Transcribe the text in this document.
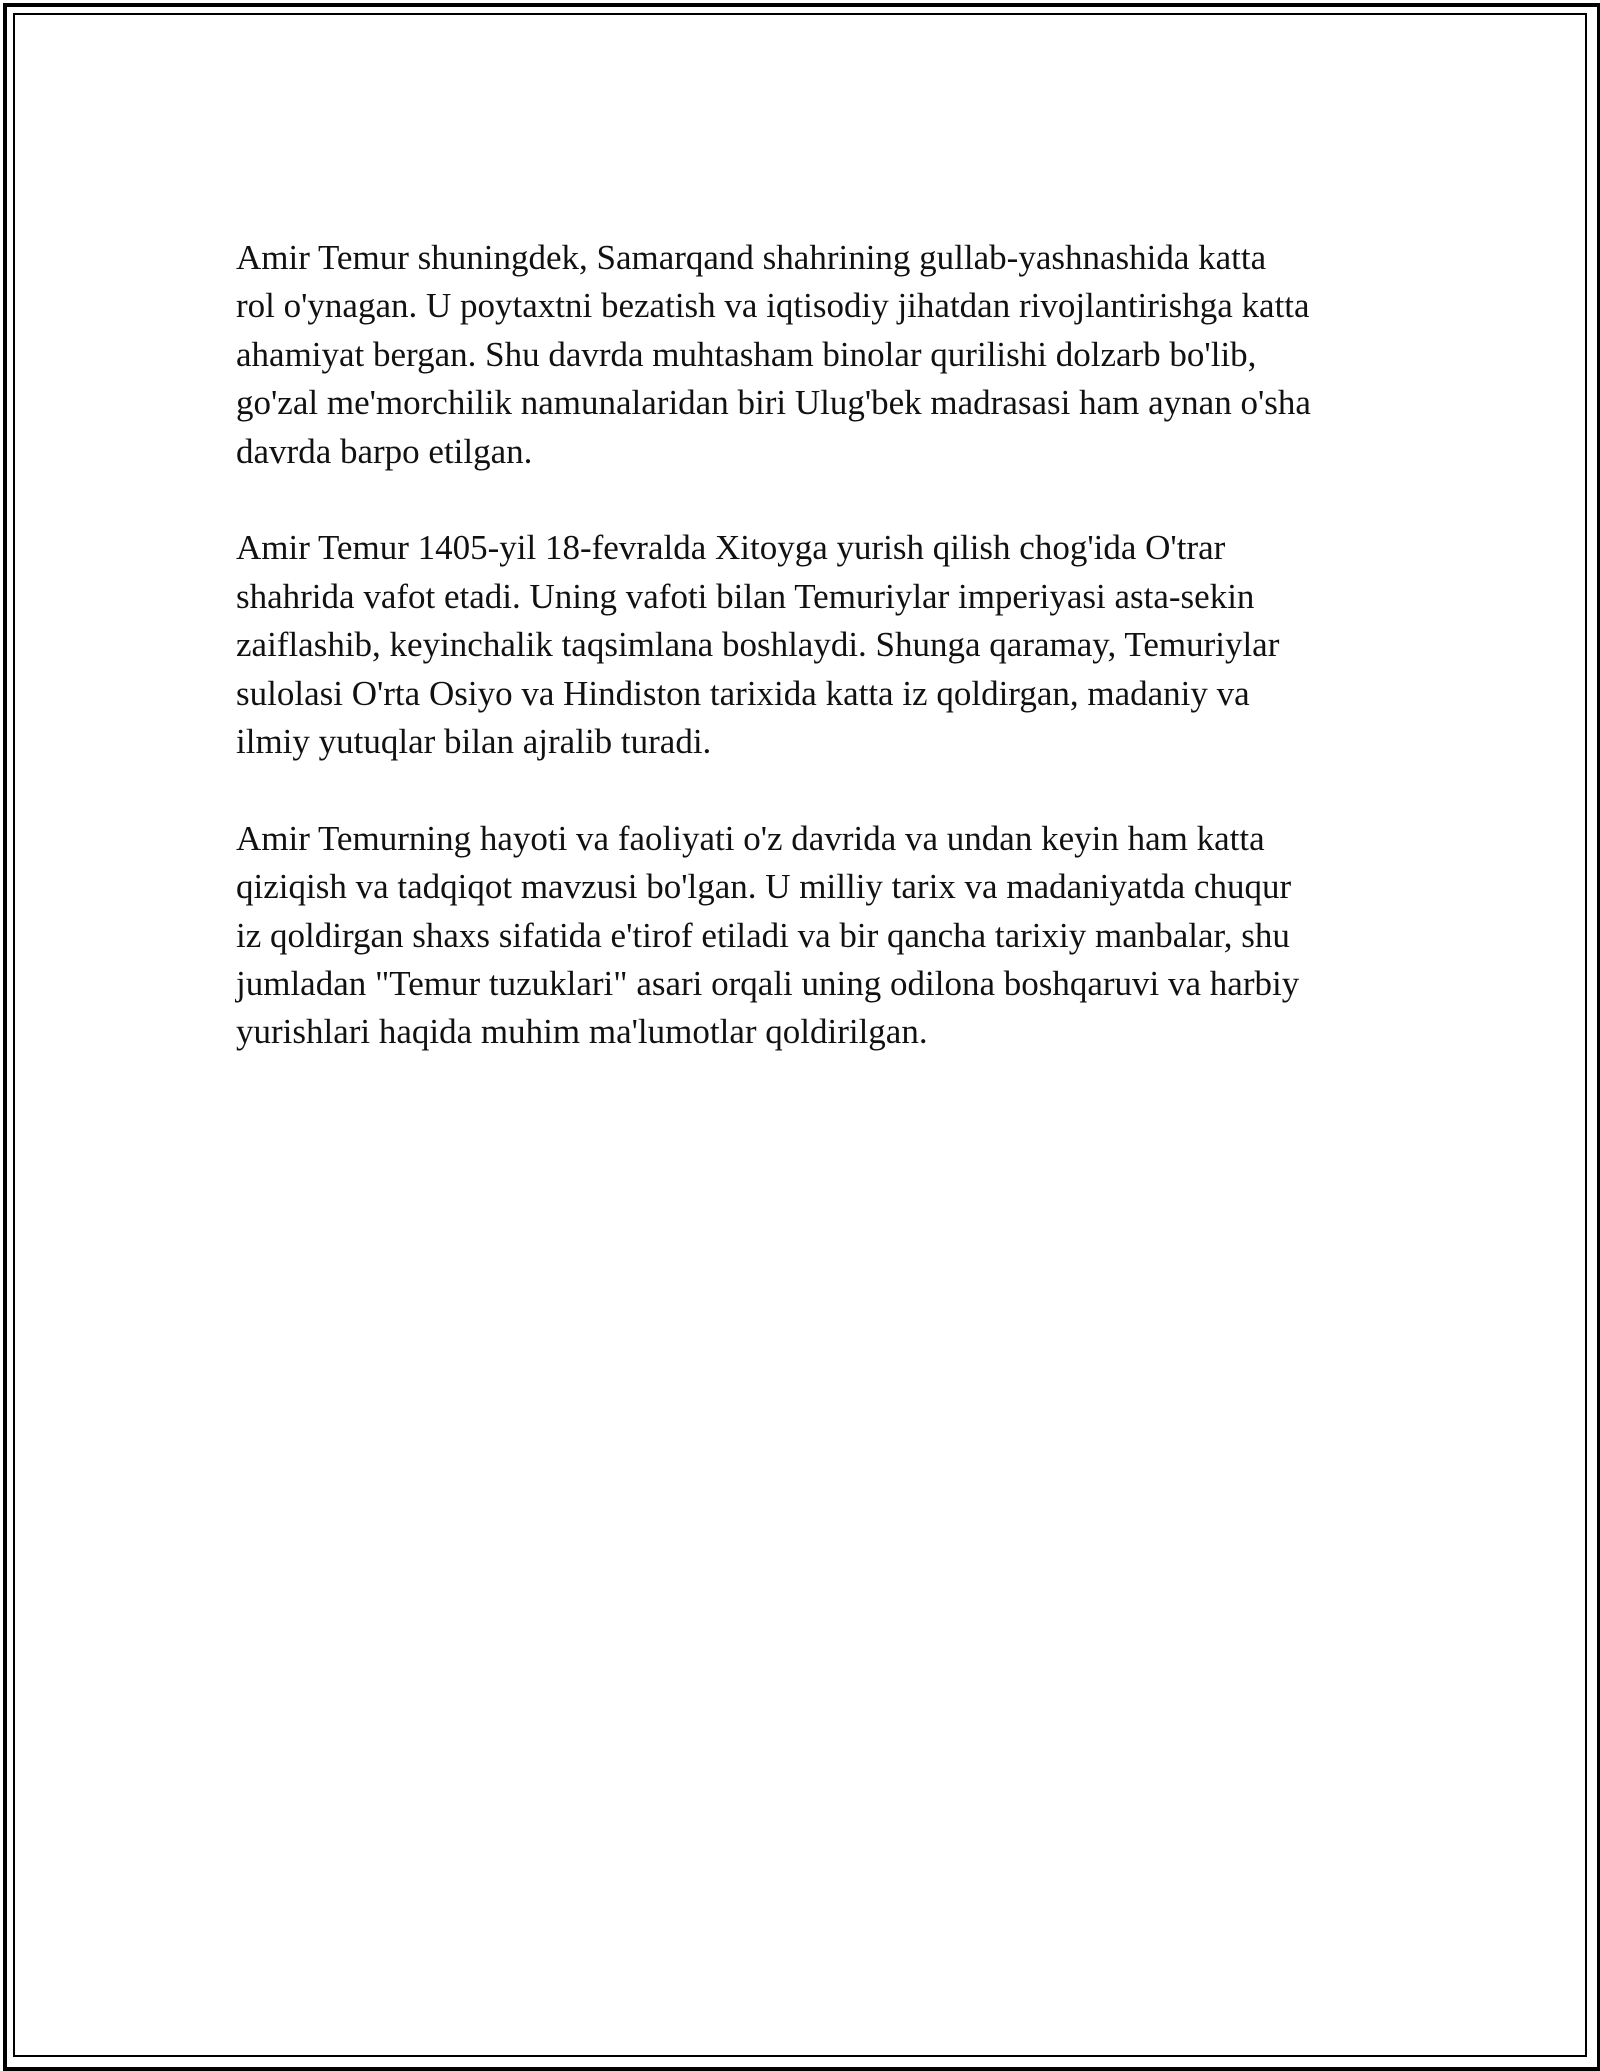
Amir Temur shuningdek, Samarqand shahrining gullab-yashnashida katta
rol o'ynagan. U poytaxtni bezatish va iqtisodiy jihatdan rivojlantirishga katta
ahamiyat bergan. Shu davrda muhtasham binolar qurilishi dolzarb bo'lib,
go'zal me'morchilik namunalaridan biri Ulug'bek madrasasi ham aynan o'sha
davrda barpo etilgan.

Amir Temur 1405-yil 18-fevralda Xitoyga yurish qilish chog'ida O'trar
shahrida vafot etadi. Uning vafoti bilan Temuriylar imperiyasi asta-sekin
zaiflashib, keyinchalik taqsimlana boshlaydi. Shunga qaramay, Temuriylar
sulolasi O'rta Osiyo va Hindiston tarixida katta iz qoldirgan, madaniy va
ilmiy yutuqlar bilan ajralib turadi.

Amir Temurning hayoti va faoliyati o'z davrida va undan keyin ham katta
qiziqish va tadqiqot mavzusi bo'lgan. U milliy tarix va madaniyatda chuqur
iz qoldirgan shaxs sifatida e'tirof etiladi va bir qancha tarixiy manbalar, shu
jumladan "Temur tuzuklari" asari orqali uning odilona boshqaruvi va harbiy
yurishlari haqida muhim ma'lumotlar qoldirilgan.
